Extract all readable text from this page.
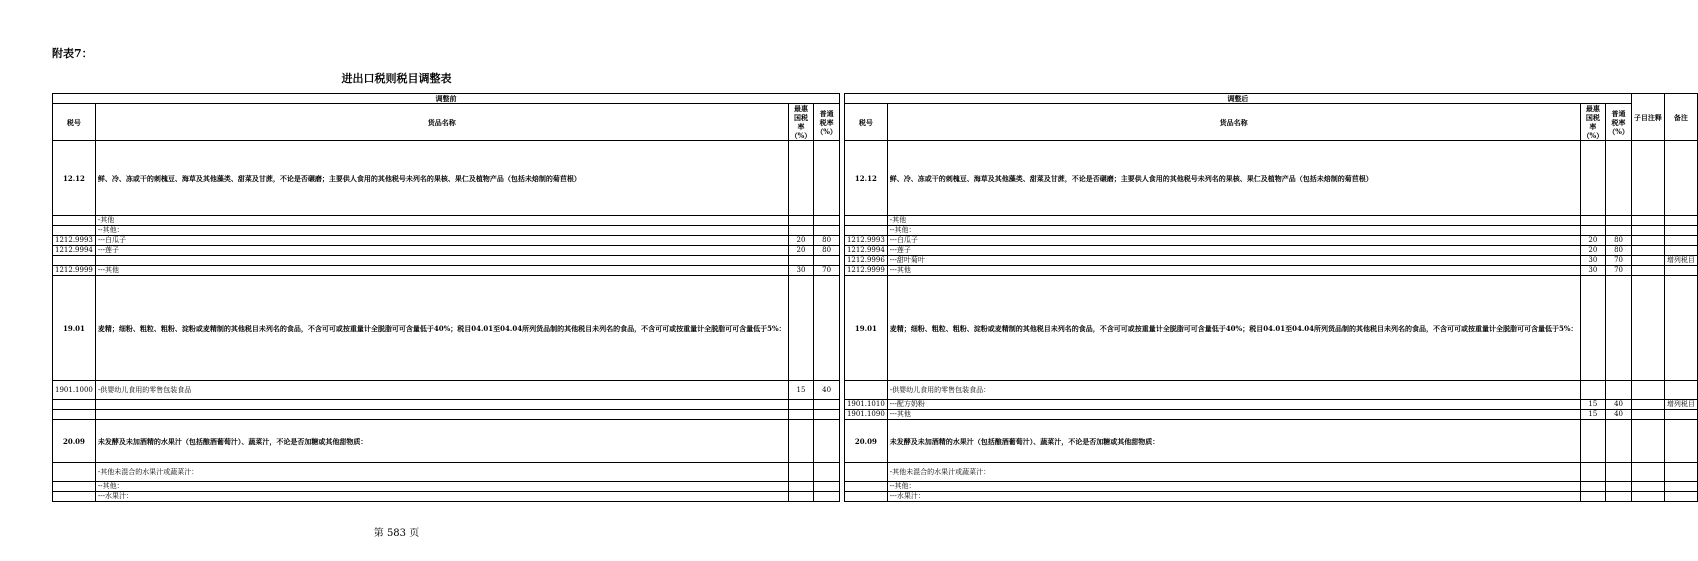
附表7：
进出口税则税目调整表
调整前					调整后				子目注释	备注
税号	货品名称	最惠国税率（%）	普通税率（%）		税号	货品名称	最惠国税率（%）	普通税率（%）		
12.12	鲜、冷、冻或干的刺槐豆、海草及其他藻类、甜菜及甘蔗，不论是否碾磨；主要供人食用的其他税号未列名的果核、果仁及植物产品（包括未焙制的菊苣根）				12.12	鲜、冷、冻或干的刺槐豆、海草及其他藻类、甜菜及甘蔗，不论是否碾磨；主要供人食用的其他税号未列名的果核、果仁及植物产品（包括未焙制的菊苣根）				
	-其他					-其他				
	--其他：					--其他：				
1212.9993	---白瓜子	20	80		1212.9993	---白瓜子	20	80		
1212.9994	---莲子	20	80		1212.9994	---莲子	20	80		
					1212.9996	---甜叶菊叶	30	70		增列税目
1212.9999	---其他	30	70		1212.9999	---其他	30	70		
19.01	麦精；细粉、粗粒、粗粉、淀粉或麦精制的其他税目未列名的食品，不含可可或按重量计全脱脂可可含量低于40%；税目04.01至04.04所列货品制的其他税目未列名的食品，不含可可或按重量计全脱脂可可含量低于5%：				19.01	麦精；细粉、粗粒、粗粉、淀粉或麦精制的其他税目未列名的食品，不含可可或按重量计全脱脂可可含量低于40%；税目04.01至04.04所列货品制的其他税目未列名的食品，不含可可或按重量计全脱脂可可含量低于5%：				
1901.1000	-供婴幼儿食用的零售包装食品	15	40			-供婴幼儿食用的零售包装食品：				
					1901.1010	---配方奶粉	15	40		增列税目
					1901.1090	---其他	15	40		
20.09	未发酵及未加酒精的水果汁（包括酿酒葡萄汁）、蔬菜汁，不论是否加糖或其他甜物质：				20.09	未发酵及未加酒精的水果汁（包括酿酒葡萄汁）、蔬菜汁，不论是否加糖或其他甜物质：				
	-其他未混合的水果汁或蔬菜汁：					-其他未混合的水果汁或蔬菜汁：				
	--其他：					--其他：				
	---水果汁：					---水果汁：				
第 583 页
